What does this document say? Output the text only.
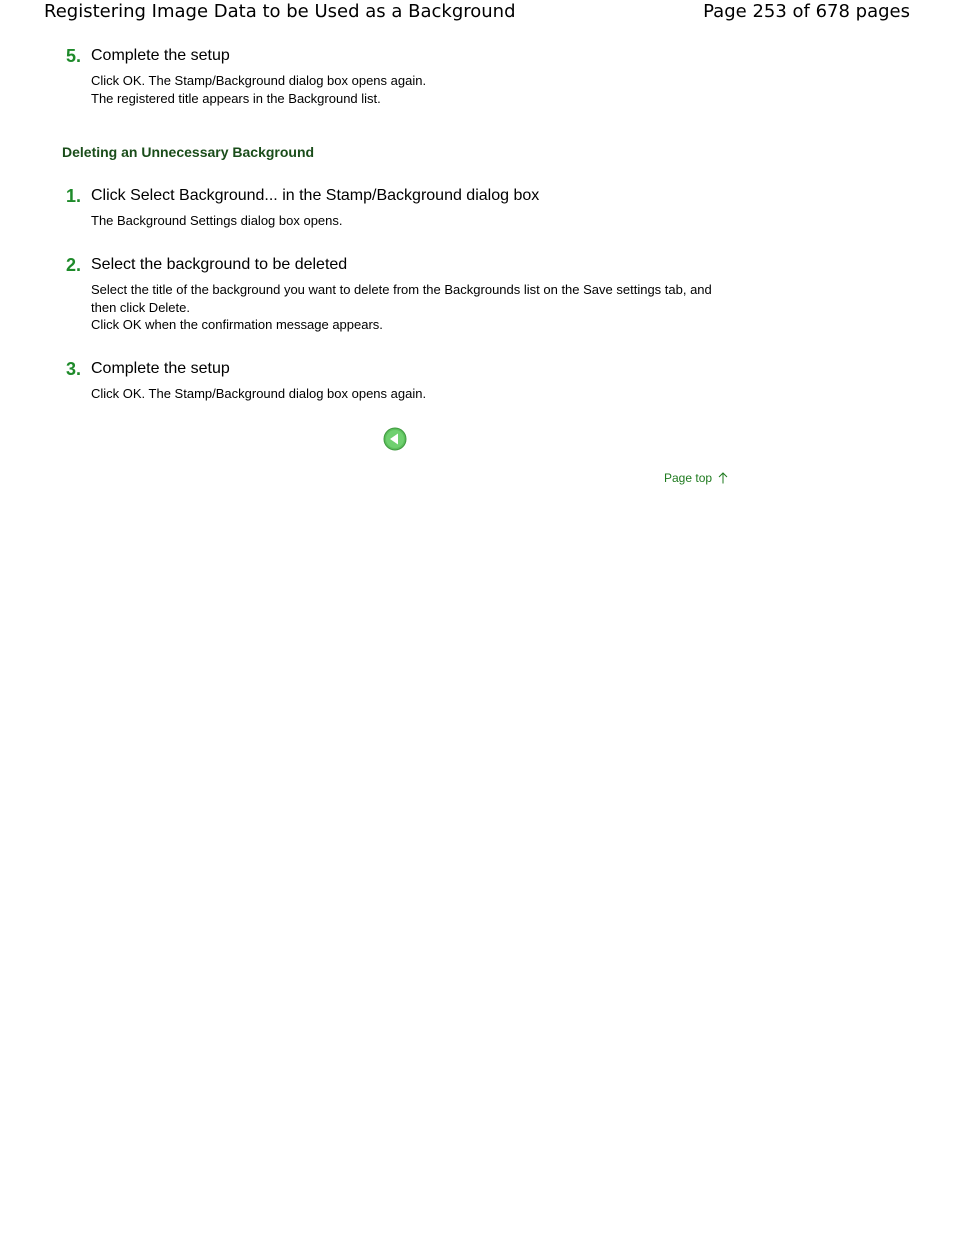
Registering Image Data to be Used as a Background	Page 253 of 678 pages
5. Complete the setup

Click OK. The Stamp/Background dialog box opens again.

The registered title appears in the Background list.

Deleting an Unnecessary Background
1. Click Select Background... in the Stamp/Background dialog box

The Background Settings dialog box opens.

2. Select the background to be deleted

Select the title of the background you want to delete from the Backgrounds list on the Save settings tab, and then click Delete.

Click OK when the confirmation message appears.

3. Complete the setup

Click OK. The Stamp/Background dialog box opens again.

Page top
